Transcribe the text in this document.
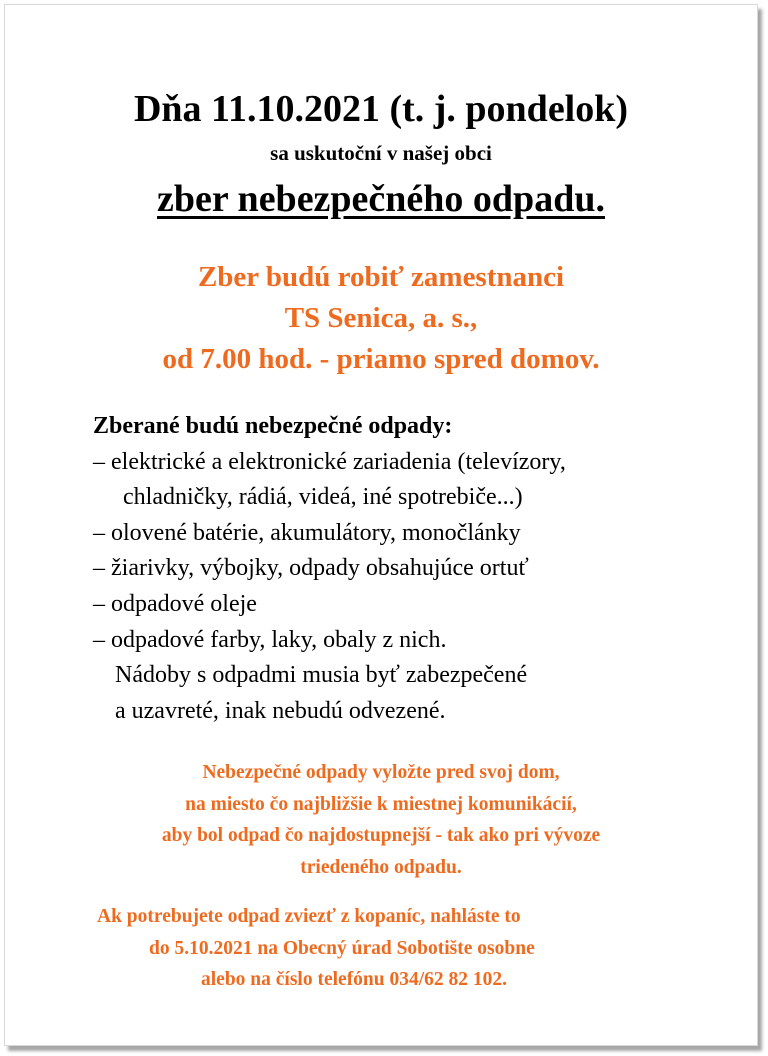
Dňa 11.10.2021 (t. j. pondelok)
sa uskutoční v našej obci
zber nebezpečného odpadu.
Zber budú robiť zamestnanci
TS Senica, a. s.,
od 7.00 hod. - priamo spred domov.
Zberané budú nebezpečné odpady:
– elektrické a elektronické zariadenia (televízory,
chladničky, rádiá, videá, iné spotrebiče...)
– olovené batérie, akumulátory, monočlánky
– žiarivky, výbojky, odpady obsahujúce ortuť
– odpadové oleje
– odpadové farby, laky, obaly z nich.
Nádoby s odpadmi musia byť zabezpečené
a uzavreté, inak nebudú odvezené.
Nebezpečné odpady vyložte pred svoj dom,
na miesto čo najbližšie k miestnej komunikácií,
aby bol odpad čo najdostupnejší - tak ako pri vývoze
triedeného odpadu.
Ak potrebujete odpad zviezť z kopaníc, nahláste to
do 5.10.2021 na Obecný úrad Sobotište osobne
alebo na číslo telefónu 034/62 82 102.
